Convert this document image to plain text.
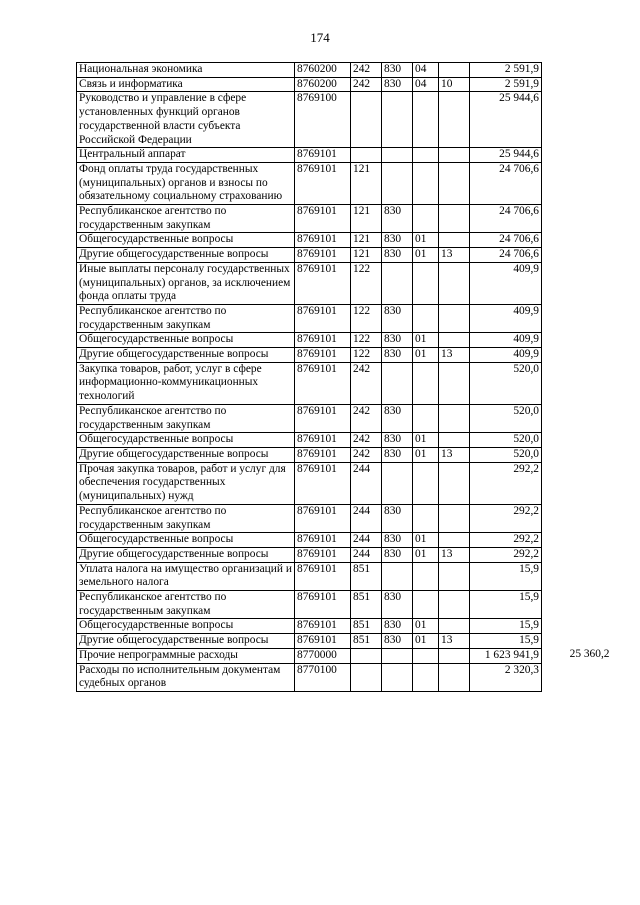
174
Национальная экономика	8760200	242	830	04		2 591,9	
Связь и информатика	8760200	242	830	04	10	2 591,9	
Руководство и управление в сфере установленных функций органов государственной власти субъекта Российской Федерации	8769100					25 944,6	
Центральный аппарат	8769101					25 944,6	
Фонд оплаты труда государственных (муниципальных) органов и взносы по обязательному социальному страхованию	8769101	121				24 706,6	
Республиканское агентство по государственным закупкам	8769101	121	830			24 706,6	
Общегосударственные вопросы	8769101	121	830	01		24 706,6	
Другие общегосударственные вопросы	8769101	121	830	01	13	24 706,6	
Иные выплаты персоналу государственных (муниципальных) органов, за исключением фонда оплаты труда	8769101	122				409,9	
Республиканское агентство по государственным закупкам	8769101	122	830			409,9	
Общегосударственные вопросы	8769101	122	830	01		409,9	
Другие общегосударственные вопросы	8769101	122	830	01	13	409,9	
Закупка товаров, работ, услуг в сфере информационно-коммуникационных технологий	8769101	242				520,0	
Республиканское агентство по государственным закупкам	8769101	242	830			520,0	
Общегосударственные вопросы	8769101	242	830	01		520,0	
Другие общегосударственные вопросы	8769101	242	830	01	13	520,0	
Прочая закупка товаров, работ и услуг для обеспечения государственных (муниципальных) нужд	8769101	244				292,2	
Республиканское агентство по государственным закупкам	8769101	244	830			292,2	
Общегосударственные вопросы	8769101	244	830	01		292,2	
Другие общегосударственные вопросы	8769101	244	830	01	13	292,2	
Уплата налога на имущество организаций и земельного налога	8769101	851				15,9	
Республиканское агентство по государственным закупкам	8769101	851	830			15,9	
Общегосударственные вопросы	8769101	851	830	01		15,9	
Другие общегосударственные вопросы	8769101	851	830	01	13	15,9	
Прочие непрограммные расходы	8770000					1 623 941,9	25 360,2
Расходы по исполнительным документам судебных органов	8770100					2 320,3	
